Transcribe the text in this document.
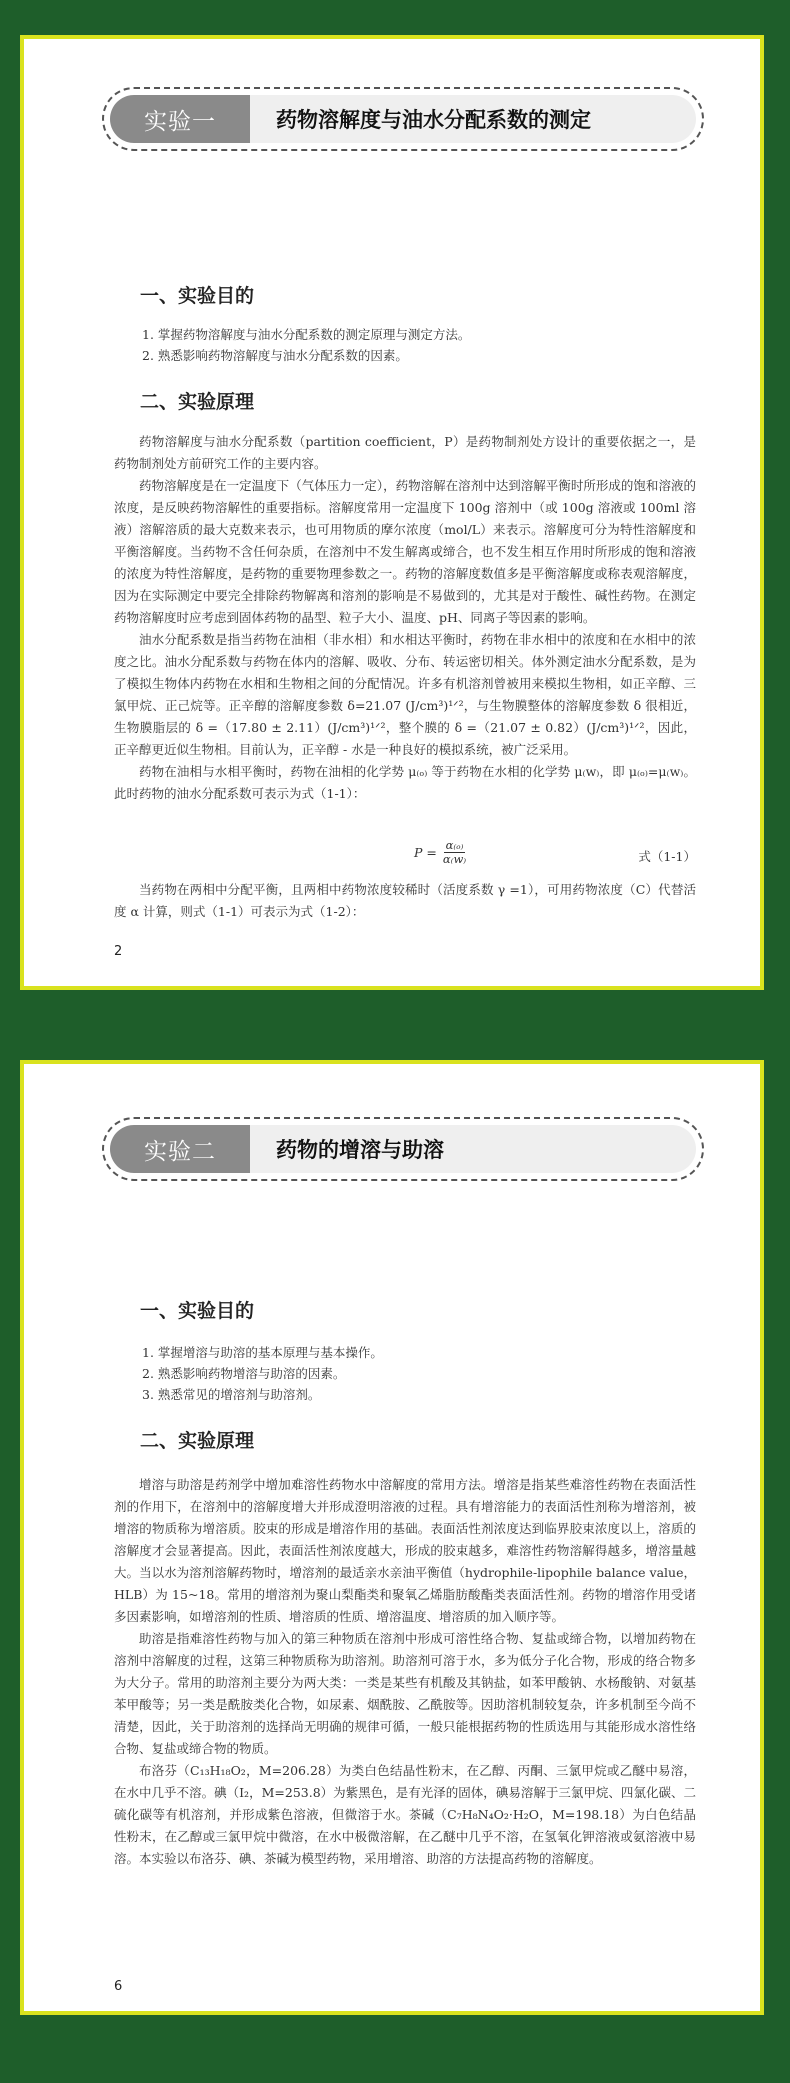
实验一	药物溶解度与油水分配系数的测定
一、实验目的
1. 掌握药物溶解度与油水分配系数的测定原理与测定方法。
2. 熟悉影响药物溶解度与油水分配系数的因素。
二、实验原理

药物溶解度与油水分配系数（partition coefficient，P）是药物制剂处方设计的重要依据之一，是药物制剂处方前研究工作的主要内容。

药物溶解度是在一定温度下（气体压力一定），药物溶解在溶剂中达到溶解平衡时所形成的饱和溶液的浓度，是反映药物溶解性的重要指标。溶解度常用一定温度下 100g 溶剂中（或 100g 溶液或 100ml 溶液）溶解溶质的最大克数来表示，也可用物质的摩尔浓度（mol/L）来表示。溶解度可分为特性溶解度和平衡溶解度。当药物不含任何杂质，在溶剂中不发生解离或缔合，也不发生相互作用时所形成的饱和溶液的浓度为特性溶解度，是药物的重要物理参数之一。药物的溶解度数值多是平衡溶解度或称表观溶解度，因为在实际测定中要完全排除药物解离和溶剂的影响是不易做到的，尤其是对于酸性、碱性药物。在测定药物溶解度时应考虑到固体药物的晶型、粒子大小、温度、pH、同离子等因素的影响。

油水分配系数是指当药物在油相（非水相）和水相达平衡时，药物在非水相中的浓度和在水相中的浓度之比。油水分配系数与药物在体内的溶解、吸收、分布、转运密切相关。体外测定油水分配系数，是为了模拟生物体内药物在水相和生物相之间的分配情况。许多有机溶剂曾被用来模拟生物相，如正辛醇、三氯甲烷、正己烷等。正辛醇的溶解度参数 δ=21.07 (J/cm³)¹ᐟ²，与生物膜整体的溶解度参数 δ 很相近，生物膜脂层的 δ =（17.80 ± 2.11）(J/cm³)¹ᐟ²，整个膜的 δ =（21.07 ± 0.82）(J/cm³)¹ᐟ²，因此，正辛醇更近似生物相。目前认为，正辛醇 - 水是一种良好的模拟系统，被广泛采用。

药物在油相与水相平衡时，药物在油相的化学势 μ₍ₒ₎ 等于药物在水相的化学势 μ₍w₎，即 μ₍ₒ₎=μ₍w₎。此时药物的油水分配系数可表示为式（1-1）：

$P = \frac{\text{α₍ₒ₎}}{\alpha_(w_)}$	式（1-1）

当药物在两相中分配平衡，且两相中药物浓度较稀时（活度系数 γ =1），可用药物浓度（C）代替活度 α 计算，则式（1-1）可表示为式（1-2）：

2
实验二	药物的增溶与助溶
一、实验目的
1. 掌握增溶与助溶的基本原理与基本操作。
2. 熟悉影响药物增溶与助溶的因素。
3. 熟悉常见的增溶剂与助溶剂。
二、实验原理

增溶与助溶是药剂学中增加难溶性药物水中溶解度的常用方法。增溶是指某些难溶性药物在表面活性剂的作用下，在溶剂中的溶解度增大并形成澄明溶液的过程。具有增溶能力的表面活性剂称为增溶剂，被增溶的物质称为增溶质。胶束的形成是增溶作用的基础。表面活性剂浓度达到临界胶束浓度以上，溶质的溶解度才会显著提高。因此，表面活性剂浓度越大，形成的胶束越多，难溶性药物溶解得越多，增溶量越大。当以水为溶剂溶解药物时，增溶剂的最适亲水亲油平衡值（hydrophile-lipophile balance value，HLB）为 15~18。常用的增溶剂为聚山梨酯类和聚氧乙烯脂肪酸酯类表面活性剂。药物的增溶作用受诸多因素影响，如增溶剂的性质、增溶质的性质、增溶温度、增溶质的加入顺序等。

助溶是指难溶性药物与加入的第三种物质在溶剂中形成可溶性络合物、复盐或缔合物，以增加药物在溶剂中溶解度的过程，这第三种物质称为助溶剂。助溶剂可溶于水，多为低分子化合物，形成的络合物多为大分子。常用的助溶剂主要分为两大类：一类是某些有机酸及其钠盐，如苯甲酸钠、水杨酸钠、对氨基苯甲酸等；另一类是酰胺类化合物，如尿素、烟酰胺、乙酰胺等。因助溶机制较复杂，许多机制至今尚不清楚，因此，关于助溶剂的选择尚无明确的规律可循，一般只能根据药物的性质选用与其能形成水溶性络合物、复盐或缔合物的物质。

布洛芬（C₁₃H₁₈O₂，M=206.28）为类白色结晶性粉末，在乙醇、丙酮、三氯甲烷或乙醚中易溶，在水中几乎不溶。碘（I₂，M=253.8）为紫黑色，是有光泽的固体，碘易溶解于三氯甲烷、四氯化碳、二硫化碳等有机溶剂，并形成紫色溶液，但微溶于水。茶碱（C₇H₈N₄O₂·H₂O，M=198.18）为白色结晶性粉末，在乙醇或三氯甲烷中微溶，在水中极微溶解，在乙醚中几乎不溶，在氢氧化钾溶液或氨溶液中易溶。本实验以布洛芬、碘、茶碱为模型药物，采用增溶、助溶的方法提高药物的溶解度。

6
